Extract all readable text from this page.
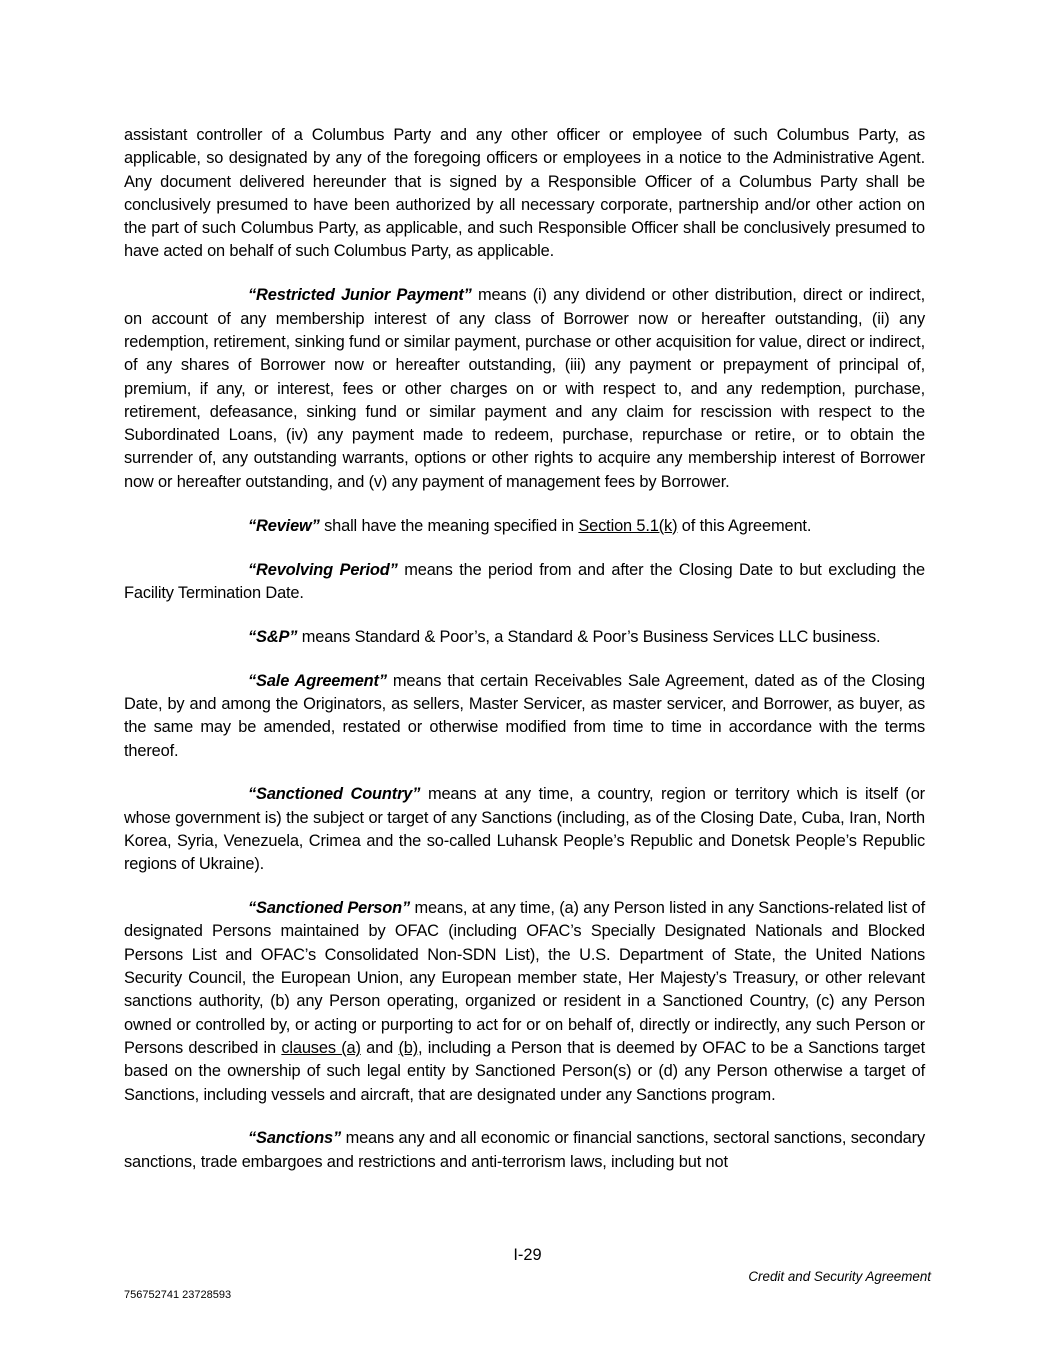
assistant controller of a Columbus Party and any other officer or employee of such Columbus Party, as applicable, so designated by any of the foregoing officers or employees in a notice to the Administrative Agent. Any document delivered hereunder that is signed by a Responsible Officer of a Columbus Party shall be conclusively presumed to have been authorized by all necessary corporate, partnership and/or other action on the part of such Columbus Party, as applicable, and such Responsible Officer shall be conclusively presumed to have acted on behalf of such Columbus Party, as applicable.

“Restricted Junior Payment” means (i) any dividend or other distribution, direct or indirect, on account of any membership interest of any class of Borrower now or hereafter outstanding, (ii) any redemption, retirement, sinking fund or similar payment, purchase or other acquisition for value, direct or indirect, of any shares of Borrower now or hereafter outstanding, (iii) any payment or prepayment of principal of, premium, if any, or interest, fees or other charges on or with respect to, and any redemption, purchase, retirement, defeasance, sinking fund or similar payment and any claim for rescission with respect to the Subordinated Loans, (iv) any payment made to redeem, purchase, repurchase or retire, or to obtain the surrender of, any outstanding warrants, options or other rights to acquire any membership interest of Borrower now or hereafter outstanding, and (v) any payment of management fees by Borrower.

“Review” shall have the meaning specified in Section 5.1(k) of this Agreement.

“Revolving Period” means the period from and after the Closing Date to but excluding the Facility Termination Date.

“S&P” means Standard & Poor’s, a Standard & Poor’s Business Services LLC business.

“Sale Agreement” means that certain Receivables Sale Agreement, dated as of the Closing Date, by and among the Originators, as sellers, Master Servicer, as master servicer, and Borrower, as buyer, as the same may be amended, restated or otherwise modified from time to time in accordance with the terms thereof.

“Sanctioned Country” means at any time, a country, region or territory which is itself (or whose government is) the subject or target of any Sanctions (including, as of the Closing Date, Cuba, Iran, North Korea, Syria, Venezuela, Crimea and the so-called Luhansk People’s Republic and Donetsk People’s Republic regions of Ukraine).

“Sanctioned Person” means, at any time, (a) any Person listed in any Sanctions-related list of designated Persons maintained by OFAC (including OFAC’s Specially Designated Nationals and Blocked Persons List and OFAC’s Consolidated Non-SDN List), the U.S. Department of State, the United Nations Security Council, the European Union, any European member state, Her Majesty’s Treasury, or other relevant sanctions authority, (b) any Person operating, organized or resident in a Sanctioned Country, (c) any Person owned or controlled by, or acting or purporting to act for or on behalf of, directly or indirectly, any such Person or Persons described in clauses (a) and (b), including a Person that is deemed by OFAC to be a Sanctions target based on the ownership of such legal entity by Sanctioned Person(s) or (d) any Person otherwise a target of Sanctions, including vessels and aircraft, that are designated under any Sanctions program.

“Sanctions” means any and all economic or financial sanctions, sectoral sanctions, secondary sanctions, trade embargoes and restrictions and anti-terrorism laws, including but not

I-29
Credit and Security Agreement
756752741 23728593
